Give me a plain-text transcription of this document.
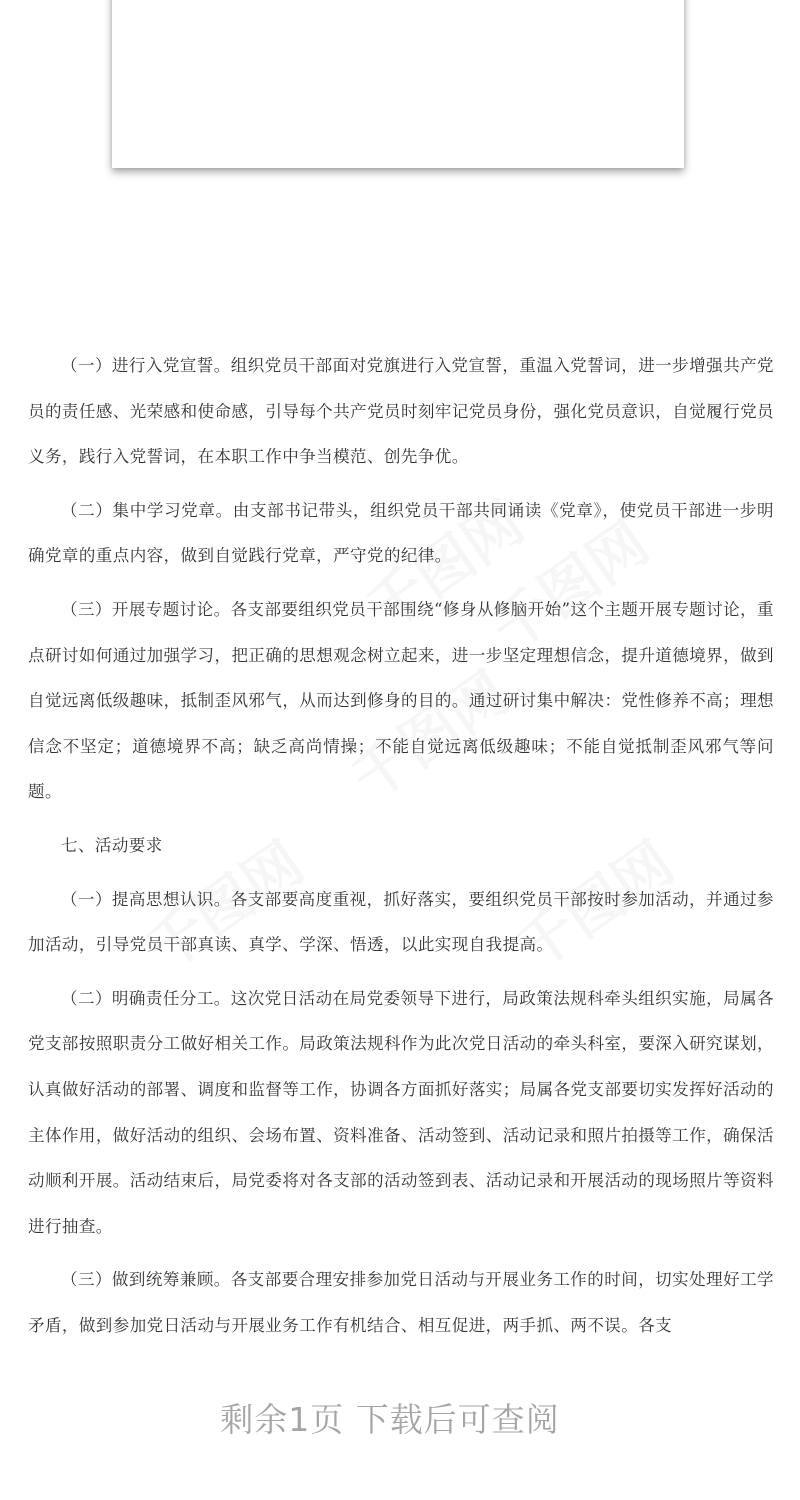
（一）进行入党宣誓。组织党员干部面对党旗进行入党宣誓，重温入党誓词，进一步增强共产党员的责任感、光荣感和使命感，引导每个共产党员时刻牢记党员身份，强化党员意识，自觉履行党员义务，践行入党誓词，在本职工作中争当模范、创先争优。

（二）集中学习党章。由支部书记带头，组织党员干部共同诵读《党章》，使党员干部进一步明确党章的重点内容，做到自觉践行党章，严守党的纪律。

（三）开展专题讨论。各支部要组织党员干部围绕“修身从修脑开始”这个主题开展专题讨论，重点研讨如何通过加强学习，把正确的思想观念树立起来，进一步坚定理想信念，提升道德境界，做到自觉远离低级趣味，抵制歪风邪气，从而达到修身的目的。通过研讨集中解决：党性修养不高；理想信念不坚定；道德境界不高；缺乏高尚情操；不能自觉远离低级趣味；不能自觉抵制歪风邪气等问题。

七、活动要求

（一）提高思想认识。各支部要高度重视，抓好落实，要组织党员干部按时参加活动，并通过参加活动，引导党员干部真读、真学、学深、悟透，以此实现自我提高。

（二）明确责任分工。这次党日活动在局党委领导下进行，局政策法规科牵头组织实施，局属各党支部按照职责分工做好相关工作。局政策法规科作为此次党日活动的牵头科室，要深入研究谋划，认真做好活动的部署、调度和监督等工作，协调各方面抓好落实；局属各党支部要切实发挥好活动的主体作用，做好活动的组织、会场布置、资料准备、活动签到、活动记录和照片拍摄等工作，确保活动顺利开展。活动结束后，局党委将对各支部的活动签到表、活动记录和开展活动的现场照片等资料进行抽查。

（三）做到统筹兼顾。各支部要合理安排参加党日活动与开展业务工作的时间，切实处理好工学矛盾，做到参加党日活动与开展业务工作有机结合、相互促进，两手抓、两不误。各支

剩余1页 下载后可查阅
